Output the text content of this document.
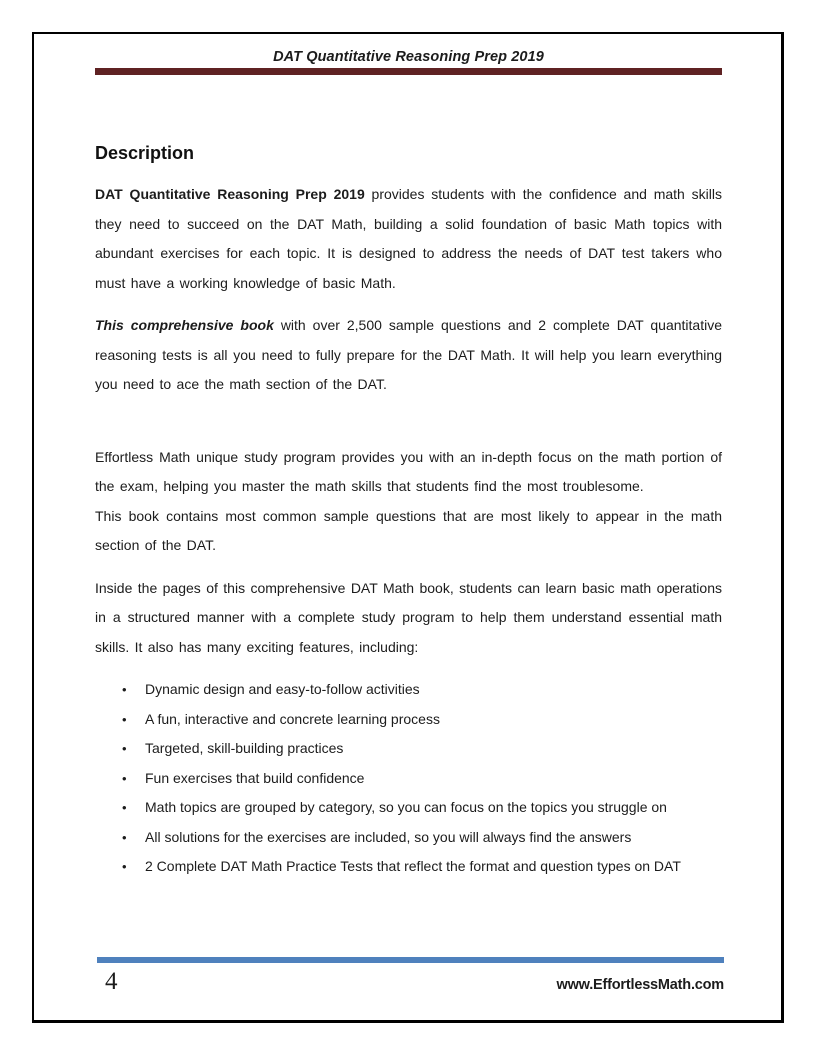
DAT Quantitative Reasoning Prep 2019
Description

DAT Quantitative Reasoning Prep 2019 provides students with the confidence and math skills they need to succeed on the DAT Math, building a solid foundation of basic Math topics with abundant exercises for each topic. It is designed to address the needs of DAT test takers who must have a working knowledge of basic Math.

This comprehensive book with over 2,500 sample questions and 2 complete DAT quantitative reasoning tests is all you need to fully prepare for the DAT Math. It will help you learn everything you need to ace the math section of the DAT.

Effortless Math unique study program provides you with an in-depth focus on the math portion of the exam, helping you master the math skills that students find the most troublesome.
This book contains most common sample questions that are most likely to appear in the math section of the DAT.

Inside the pages of this comprehensive DAT Math book, students can learn basic math operations in a structured manner with a complete study program to help them understand essential math skills. It also has many exciting features, including:

•	Dynamic design and easy-to-follow activities
•	A fun, interactive and concrete learning process
•	Targeted, skill-building practices
•	Fun exercises that build confidence
•	Math topics are grouped by category, so you can focus on the topics you struggle on
•	All solutions for the exercises are included, so you will always find the answers
•	2 Complete DAT Math Practice Tests that reflect the format and question types on DAT
4	www.EffortlessMath.com
